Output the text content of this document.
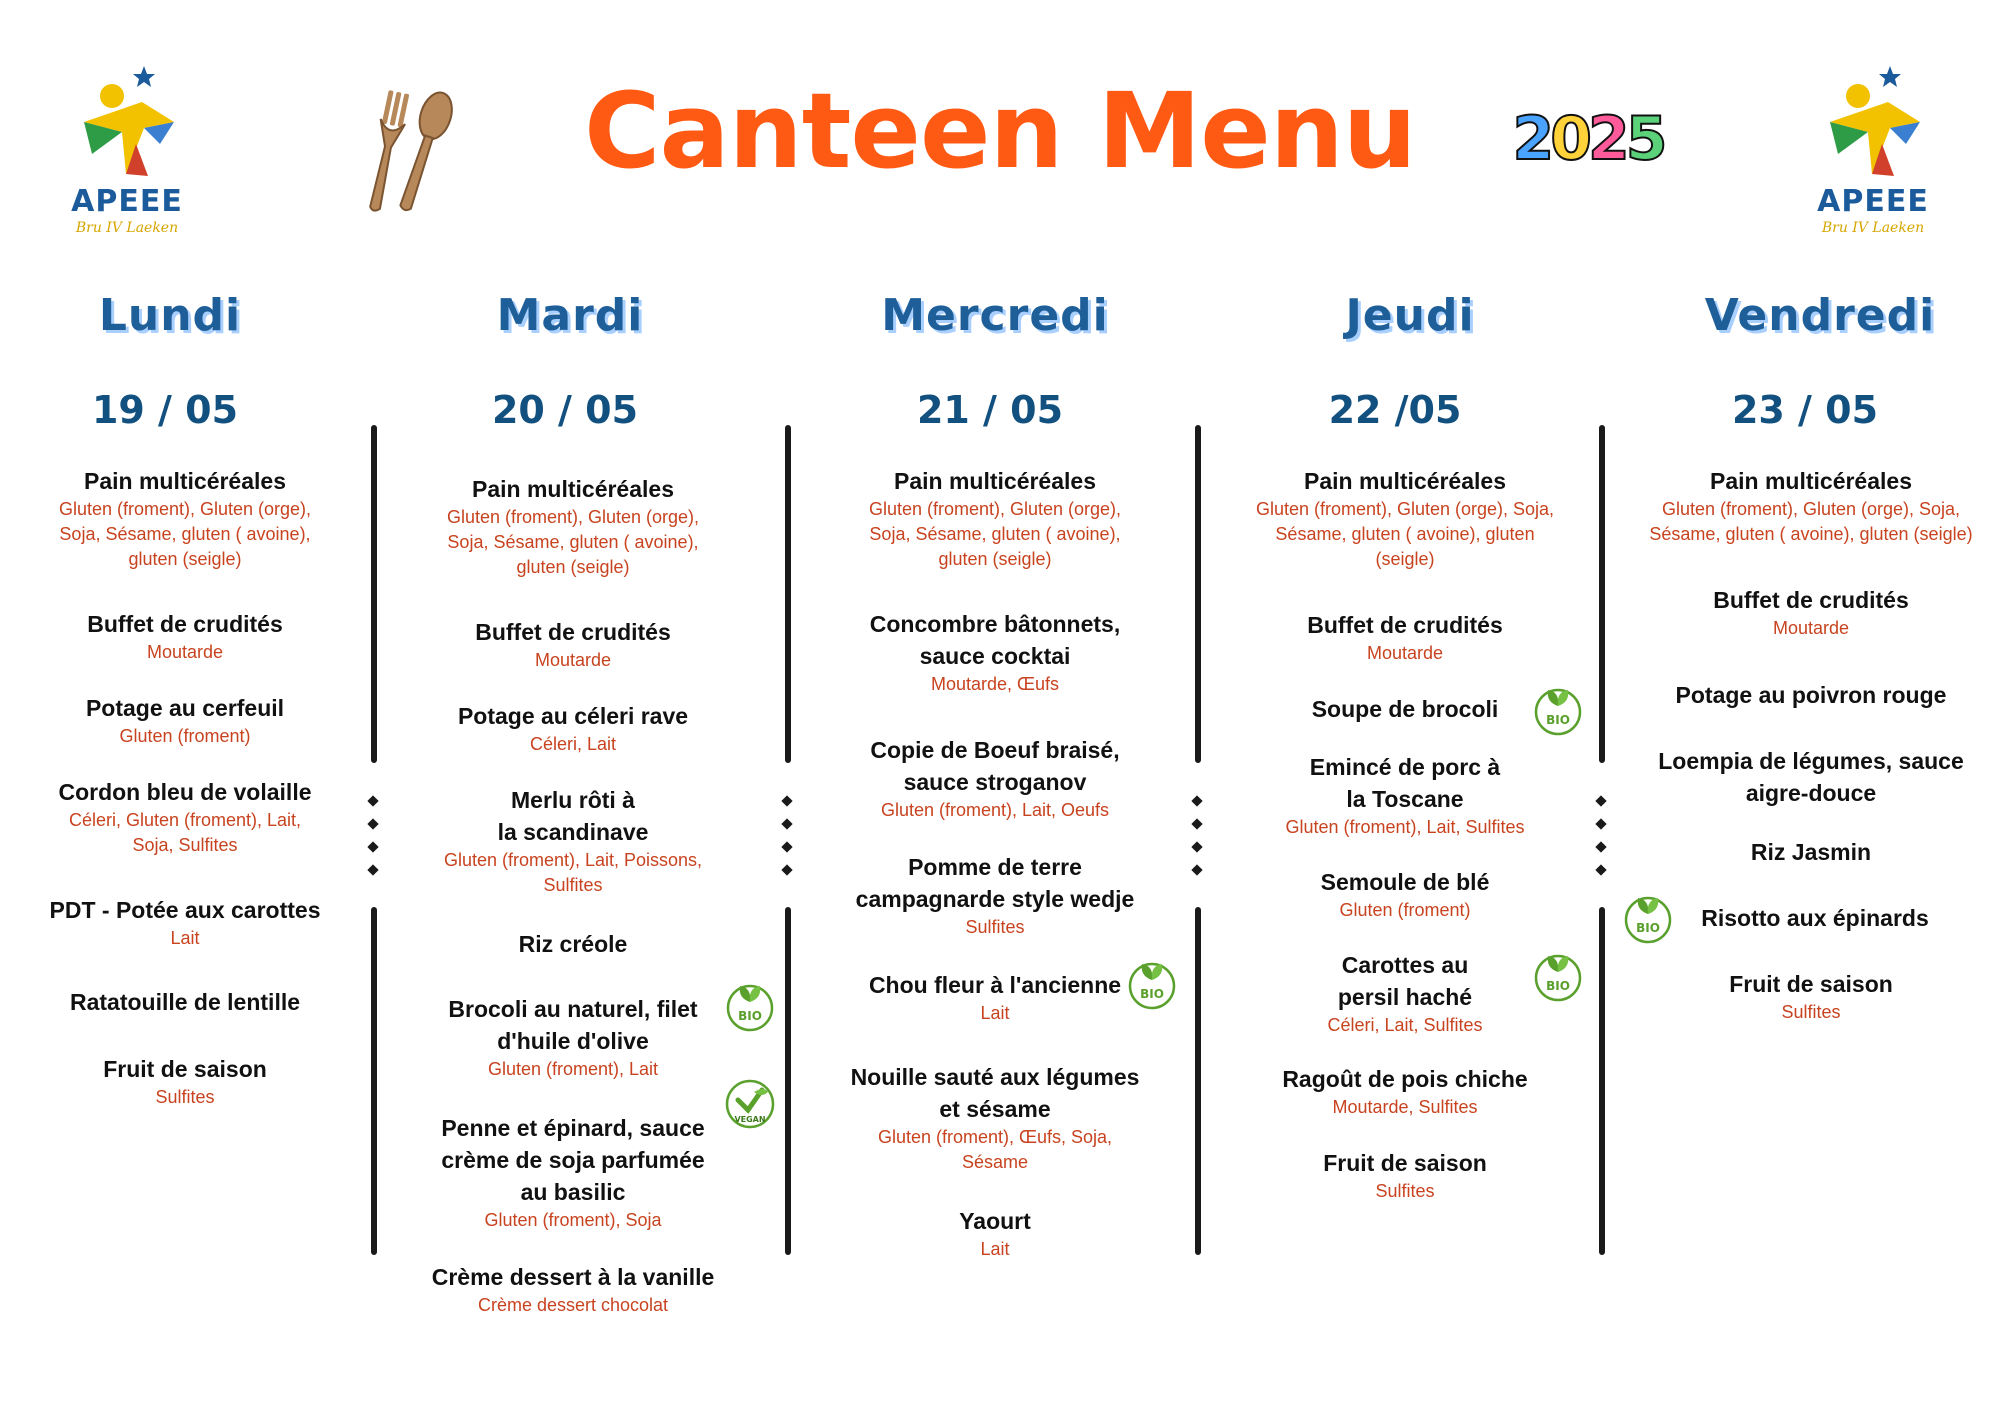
APEEE
Bru IV Laeken
APEEE
Bru IV Laeken
Canteen Menu	2025
Lundi	Mardi	Mercredi	Jeudi	Vendredi
19 / 05	20 / 05	21 / 05	22 /05	23 / 05
Pain multicéréales
Gluten (froment), Gluten (orge),
Soja, Sésame, gluten ( avoine),
gluten (seigle)
Buffet de crudités
Moutarde
Potage au cerfeuil
Gluten (froment)
Cordon bleu de volaille
Céleri, Gluten (froment), Lait,
Soja, Sulfites
PDT - Potée aux carottes
Lait
Ratatouille de lentille
Fruit de saison
Sulfites
Pain multicéréales
Gluten (froment), Gluten (orge),
Soja, Sésame, gluten ( avoine),
gluten (seigle)
Buffet de crudités
Moutarde
Potage au céleri rave
Céleri, Lait
Merlu rôti à
la scandinave
Gluten (froment), Lait, Poissons,
Sulfites
Riz créole
Brocoli au naturel, filet
d'huile d'olive
Gluten (froment), Lait
Penne et épinard, sauce
crème de soja parfumée
au basilic
Gluten (froment), Soja
Crème dessert à la vanille
Crème dessert chocolat
Pain multicéréales
Gluten (froment), Gluten (orge),
Soja, Sésame, gluten ( avoine),
gluten (seigle)
Concombre bâtonnets,
sauce cocktai
Moutarde, Œufs
Copie de Boeuf braisé,
sauce stroganov
Gluten (froment), Lait, Oeufs
Pomme de terre
campagnarde style wedje
Sulfites
Chou fleur à l'ancienne
Lait
Nouille sauté aux légumes
et sésame
Gluten (froment), Œufs, Soja,
Sésame
Yaourt
Lait
Pain multicéréales
Gluten (froment), Gluten (orge), Soja,
Sésame, gluten ( avoine), gluten
(seigle)
Buffet de crudités
Moutarde
Soupe de brocoli
Emincé de porc à
la Toscane
Gluten (froment), Lait, Sulfites
Semoule de blé
Gluten (froment)
Carottes au
persil haché
Céleri, Lait, Sulfites
Ragoût de pois chiche
Moutarde, Sulfites
Fruit de saison
Sulfites
Pain multicéréales
Gluten (froment), Gluten (orge), Soja,
Sésame, gluten ( avoine), gluten (seigle)
Buffet de crudités
Moutarde
Potage au poivron rouge
Loempia de légumes, sauce
aigre-douce
Riz Jasmin
Risotto aux épinards
Fruit de saison
Sulfites
BIO
VEGAN
BIO
BIO
BIO
BIO
